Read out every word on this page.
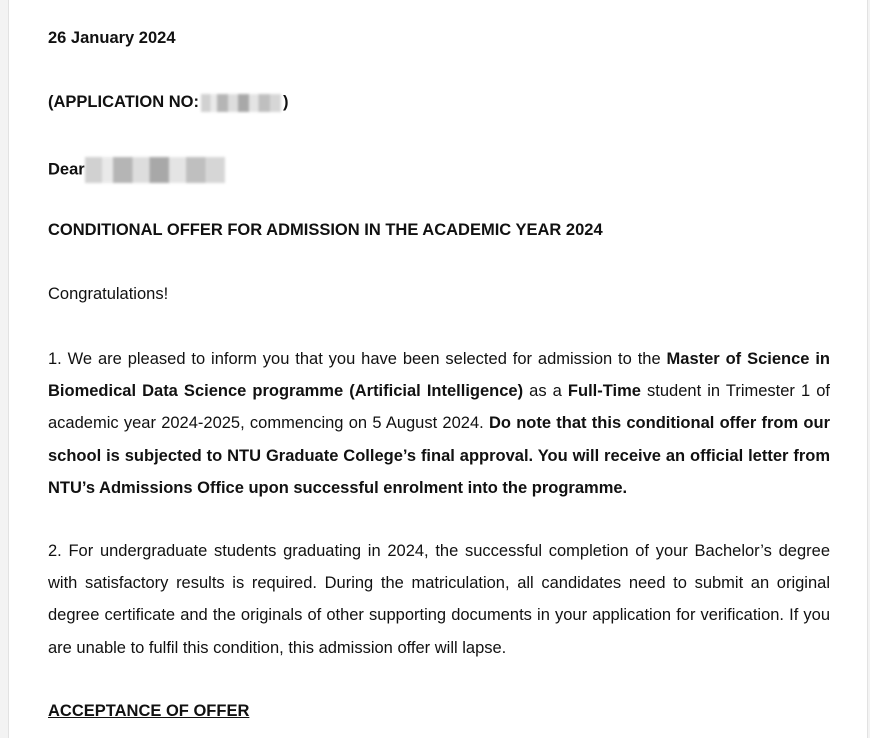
26 January 2024
(APPLICATION NO:	)
Dear
CONDITIONAL OFFER FOR ADMISSION IN THE ACADEMIC YEAR 2024
Congratulations!
1. We are pleased to inform you that you have been selected for admission to the Master of Science in Biomedical Data Science programme (Artificial Intelligence) as a Full-Time student in Trimester 1 of academic year 2024-2025, commencing on 5 August 2024. Do note that this conditional offer from our school is subjected to NTU Graduate College’s final approval. You will receive an official letter from NTU’s Admissions Office upon successful enrolment into the programme.
2. For undergraduate students graduating in 2024, the successful completion of your Bachelor’s degree with satisfactory results is required. During the matriculation, all candidates need to submit an original degree certificate and the originals of other supporting documents in your application for verification. If you are unable to fulfil this condition, this admission offer will lapse.
ACCEPTANCE OF OFFER
